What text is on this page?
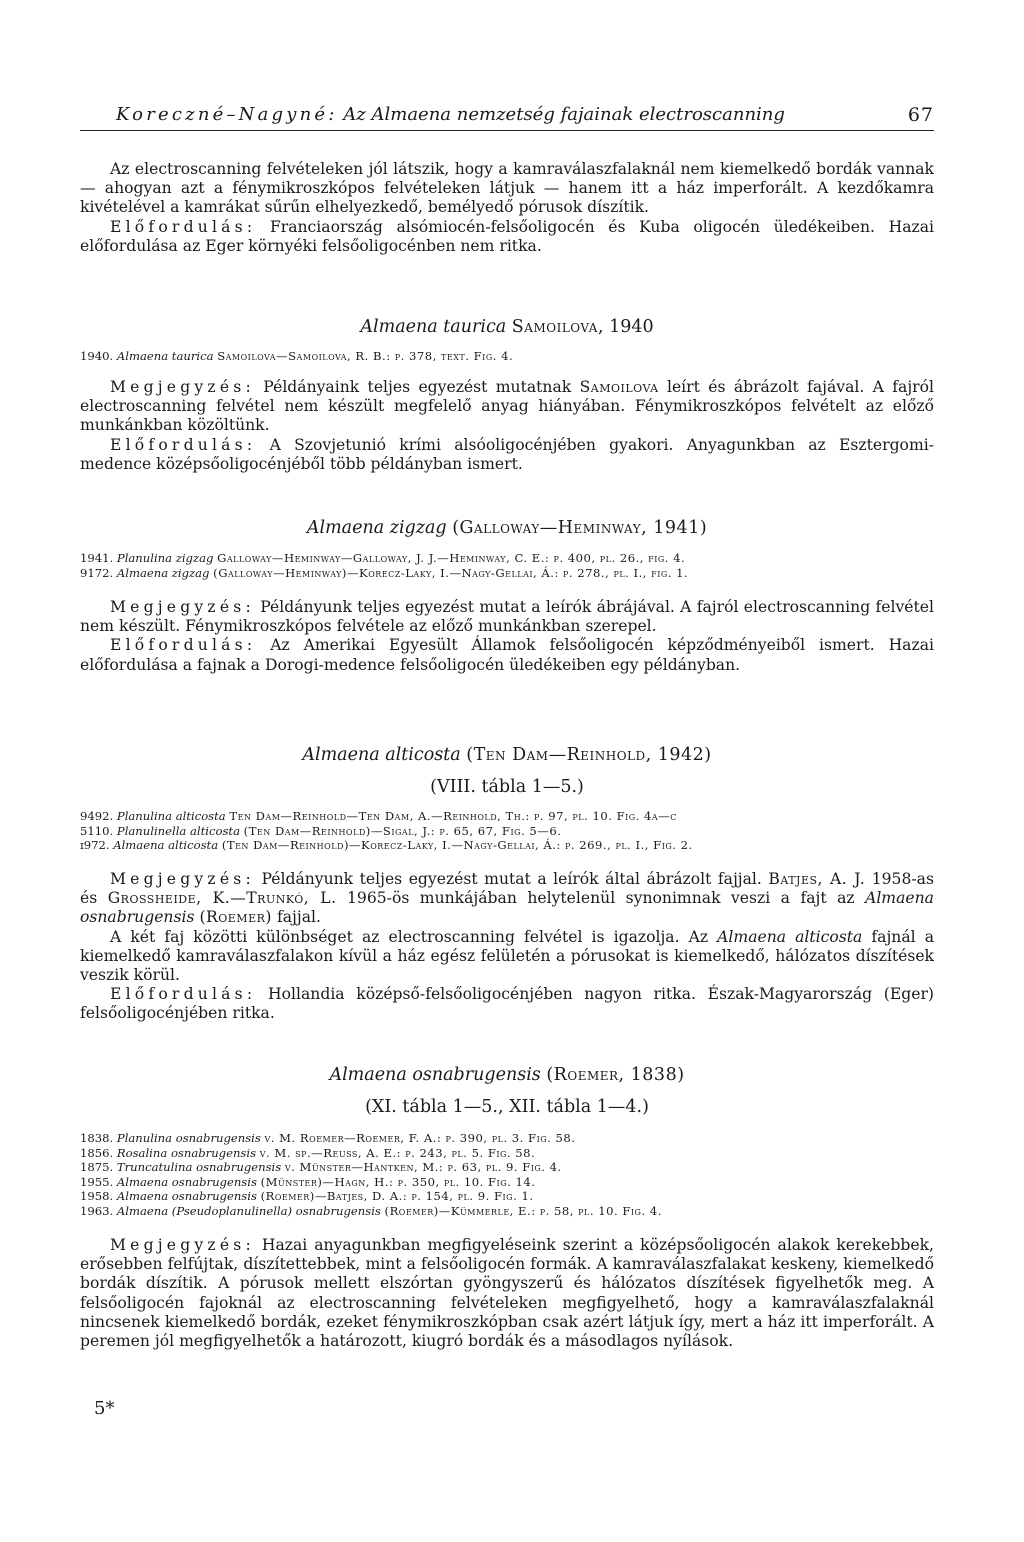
Koreczné–Nagyné: Az Almaena nemzetség fajainak electroscanning	67

Az electroscanning felvételeken jól látszik, hogy a kamraválaszfalaknál nem kiemelkedő bordák vannak — ahogyan azt a fénymikroszkópos felvételeken látjuk — hanem itt a ház imperforált. A kezdőkamra kivételével a kamrákat sűrűn elhelyezkedő, bemélyedő pórusok díszítik.

Előfordulás: Franciaország alsómiocén-felsőoligocén és Kuba oligocén üledékeiben. Hazai előfordulása az Eger környéki felsőoligocénben nem ritka.

Almaena taurica Samoilova, 1940
1940. Almaena taurica Samoilova—Samoilova, R. B.: p. 378, text. Fig. 4.

Megjegyzés: Példányaink teljes egyezést mutatnak Samoilova leírt és ábrázolt fajával. A fajról electroscanning felvétel nem készült megfelelő anyag hiányában. Fénymikroszkópos felvételt az előző munkánkban közöltünk.

Előfordulás: A Szovjetunió krími alsóoligocénjében gyakori. Anyagunkban az Esztergomi-medence középsőoligocénjéből több példányban ismert.

Almaena zigzag (Galloway—Heminway, 1941)
1941. Planulina zigzag Galloway—Heminway—Galloway, J. J.—Heminway, C. E.: p. 400, pl. 26., fig. 4.
9172. Almaena zigzag (Galloway—Heminway)—Korecz-Laky, I.—Nagy-Gellai, Á.: p. 278., pl. I., fig. 1.

Megjegyzés: Példányunk teljes egyezést mutat a leírók ábrájával. A fajról electroscanning felvétel nem készült. Fénymikroszkópos felvétele az előző munkánkban szerepel.

Előfordulás: Az Amerikai Egyesült Államok felsőoligocén képződményeiből ismert. Hazai előfordulása a fajnak a Dorogi-medence felsőoligocén üledékeiben egy példányban.

Almaena alticosta (Ten Dam—Reinhold, 1942)
(VIII. tábla 1—5.)
9492. Planulina alticosta Ten Dam—Reinhold—Ten Dam, A.—Reinhold, Th.: p. 97, pl. 10. Fig. 4a—c
5110. Planulinella alticosta (Ten Dam—Reinhold)—Sigal, J.: p. 65, 67, Fig. 5—6.
ɪ972. Almaena alticosta (Ten Dam—Reinhold)—Korecz-Laky, I.—Nagy-Gellai, Á.: p. 269., pl. I., Fig. 2.

Megjegyzés: Példányunk teljes egyezést mutat a leírók által ábrázolt fajjal. Batjes, A. J. 1958-as és Grossheide, K.—Trunkó, L. 1965-ös munkájában helytelenül synonimnak veszi a fajt az Almaena osnabrugensis (Roemer) fajjal.

A két faj közötti különbséget az electroscanning felvétel is igazolja. Az Almaena alticosta fajnál a kiemelkedő kamraválaszfalakon kívül a ház egész felületén a pórusokat is kiemelkedő, hálózatos díszítések veszik körül.

Előfordulás: Hollandia középső-felsőoligocénjében nagyon ritka. Észak-Magyarország (Eger) felsőoligocénjében ritka.

Almaena osnabrugensis (Roemer, 1838)
(XI. tábla 1—5., XII. tábla 1—4.)
1838. Planulina osnabrugensis v. M. Roemer—Roemer, F. A.: p. 390, pl. 3. Fig. 58.
1856. Rosalina osnabrugensis v. M. sp.—Reuss, A. E.: p. 243, pl. 5. Fig. 58.
1875. Truncatulina osnabrugensis v. Münster—Hantken, M.: p. 63, pl. 9. Fig. 4.
1955. Almaena osnabrugensis (Münster)—Hagn, H.: p. 350, pl. 10. Fig. 14.
1958. Almaena osnabrugensis (Roemer)—Batjes, D. A.: p. 154, pl. 9. Fig. 1.
1963. Almaena (Pseudoplanulinella) osnabrugensis (Roemer)—Kümmerle, E.: p. 58, pl. 10. Fig. 4.

Megjegyzés: Hazai anyagunkban megfigyeléseink szerint a középsőoligocén alakok kerekebbek, erősebben felfújtak, díszítettebbek, mint a felsőoligocén formák. A kamraválaszfalakat keskeny, kiemelkedő bordák díszítik. A pórusok mellett elszórtan gyöngyszerű és hálózatos díszítések figyelhetők meg. A felsőoligocén fajoknál az electroscanning felvételeken megfigyelhető, hogy a kamraválaszfalaknál nincsenek kiemelkedő bordák, ezeket fénymikroszkópban csak azért látjuk így, mert a ház itt imperforált. A peremen jól megfigyelhetők a határozott, kiugró bordák és a másodlagos nyílások.

5*
